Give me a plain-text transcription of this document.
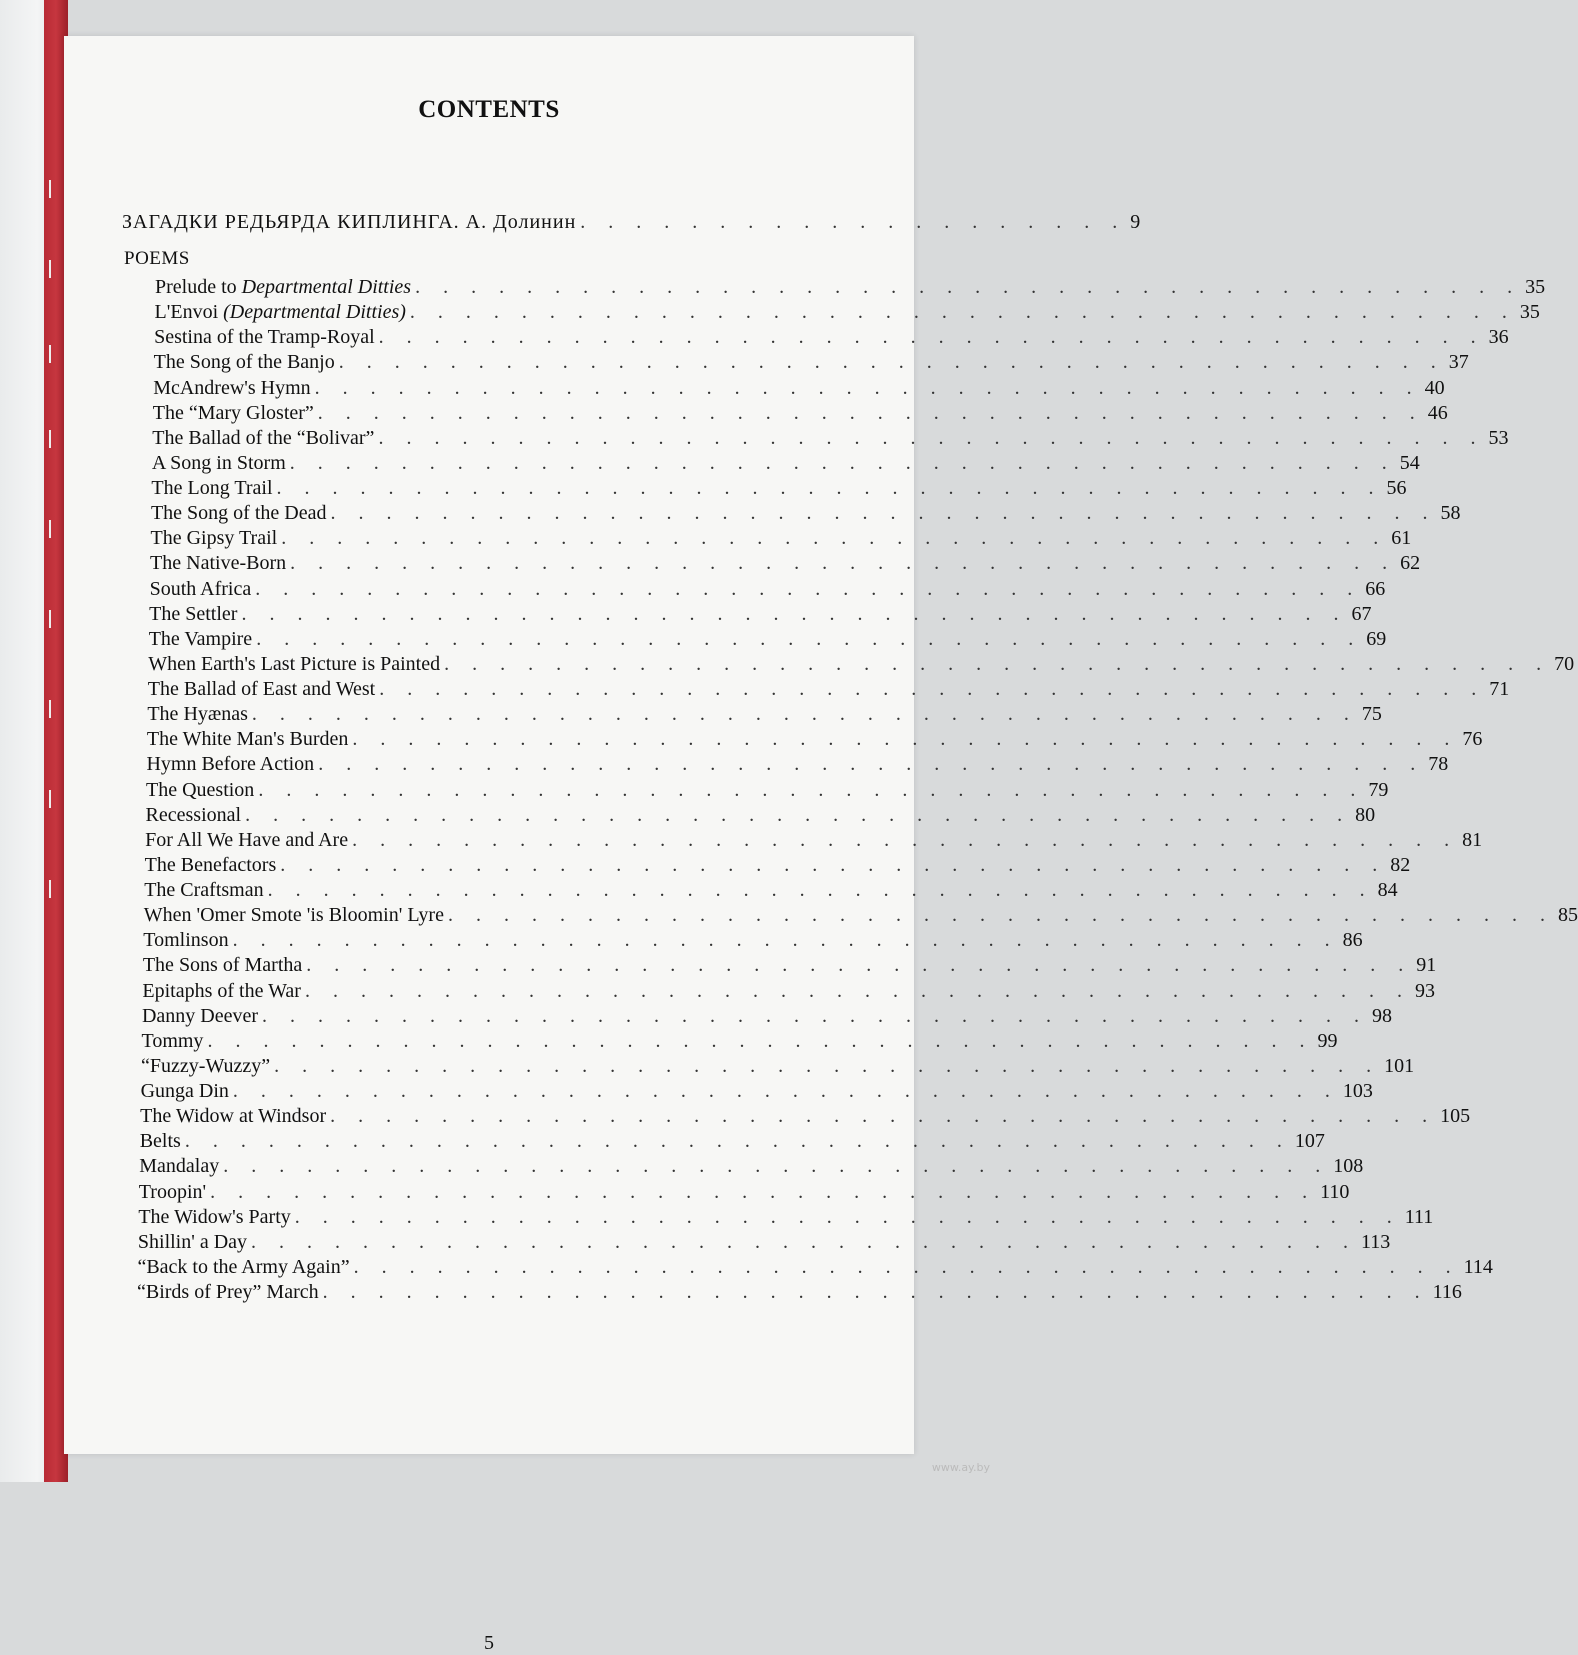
CONTENTS
ЗАГАДКИ РЕДЬЯРДА КИПЛИНГА. А. Долинин . . . . . . . . . . . . . . . . . . . . 9
POEMS
Prelude to Departmental Ditties . . . . . . . . . . . . . . . . . . . . . . . . . . . . . . . . . . . . . . . . 35
L'Envoi (Departmental Ditties) . . . . . . . . . . . . . . . . . . . . . . . . . . . . . . . . . . . . . . . . 35
Sestina of the Tramp-Royal . . . . . . . . . . . . . . . . . . . . . . . . . . . . . . . . . . . . . . . . 36
The Song of the Banjo . . . . . . . . . . . . . . . . . . . . . . . . . . . . . . . . . . . . . . . . 37
McAndrew's Hymn . . . . . . . . . . . . . . . . . . . . . . . . . . . . . . . . . . . . . . . . 40
The “Mary Gloster” . . . . . . . . . . . . . . . . . . . . . . . . . . . . . . . . . . . . . . . . 46
The Ballad of the “Bolivar” . . . . . . . . . . . . . . . . . . . . . . . . . . . . . . . . . . . . . . . . 53
A Song in Storm . . . . . . . . . . . . . . . . . . . . . . . . . . . . . . . . . . . . . . . . 54
The Long Trail . . . . . . . . . . . . . . . . . . . . . . . . . . . . . . . . . . . . . . . . 56
The Song of the Dead . . . . . . . . . . . . . . . . . . . . . . . . . . . . . . . . . . . . . . . . 58
The Gipsy Trail . . . . . . . . . . . . . . . . . . . . . . . . . . . . . . . . . . . . . . . . 61
The Native-Born . . . . . . . . . . . . . . . . . . . . . . . . . . . . . . . . . . . . . . . . 62
South Africa . . . . . . . . . . . . . . . . . . . . . . . . . . . . . . . . . . . . . . . . 66
The Settler . . . . . . . . . . . . . . . . . . . . . . . . . . . . . . . . . . . . . . . . 67
The Vampire . . . . . . . . . . . . . . . . . . . . . . . . . . . . . . . . . . . . . . . . 69
When Earth's Last Picture is Painted . . . . . . . . . . . . . . . . . . . . . . . . . . . . . . . . . . . . . . . . 70
The Ballad of East and West . . . . . . . . . . . . . . . . . . . . . . . . . . . . . . . . . . . . . . . . 71
The Hyænas . . . . . . . . . . . . . . . . . . . . . . . . . . . . . . . . . . . . . . . . 75
The White Man's Burden . . . . . . . . . . . . . . . . . . . . . . . . . . . . . . . . . . . . . . . . 76
Hymn Before Action . . . . . . . . . . . . . . . . . . . . . . . . . . . . . . . . . . . . . . . . 78
The Question . . . . . . . . . . . . . . . . . . . . . . . . . . . . . . . . . . . . . . . . 79
Recessional . . . . . . . . . . . . . . . . . . . . . . . . . . . . . . . . . . . . . . . . 80
For All We Have and Are . . . . . . . . . . . . . . . . . . . . . . . . . . . . . . . . . . . . . . . . 81
The Benefactors . . . . . . . . . . . . . . . . . . . . . . . . . . . . . . . . . . . . . . . . 82
The Craftsman . . . . . . . . . . . . . . . . . . . . . . . . . . . . . . . . . . . . . . . . 84
When 'Omer Smote 'is Bloomin' Lyre . . . . . . . . . . . . . . . . . . . . . . . . . . . . . . . . . . . . . . . . 85
Tomlinson . . . . . . . . . . . . . . . . . . . . . . . . . . . . . . . . . . . . . . . . 86
The Sons of Martha . . . . . . . . . . . . . . . . . . . . . . . . . . . . . . . . . . . . . . . . 91
Epitaphs of the War . . . . . . . . . . . . . . . . . . . . . . . . . . . . . . . . . . . . . . . . 93
Danny Deever . . . . . . . . . . . . . . . . . . . . . . . . . . . . . . . . . . . . . . . . 98
Tommy . . . . . . . . . . . . . . . . . . . . . . . . . . . . . . . . . . . . . . . . 99
“Fuzzy-Wuzzy” . . . . . . . . . . . . . . . . . . . . . . . . . . . . . . . . . . . . . . . . 101
Gunga Din . . . . . . . . . . . . . . . . . . . . . . . . . . . . . . . . . . . . . . . . 103
The Widow at Windsor . . . . . . . . . . . . . . . . . . . . . . . . . . . . . . . . . . . . . . . . 105
Belts . . . . . . . . . . . . . . . . . . . . . . . . . . . . . . . . . . . . . . . . 107
Mandalay . . . . . . . . . . . . . . . . . . . . . . . . . . . . . . . . . . . . . . . . 108
Troopin' . . . . . . . . . . . . . . . . . . . . . . . . . . . . . . . . . . . . . . . . 110
The Widow's Party . . . . . . . . . . . . . . . . . . . . . . . . . . . . . . . . . . . . . . . . 111
Shillin' a Day . . . . . . . . . . . . . . . . . . . . . . . . . . . . . . . . . . . . . . . . 113
“Back to the Army Again” . . . . . . . . . . . . . . . . . . . . . . . . . . . . . . . . . . . . . . . . 114
“Birds of Prey” March . . . . . . . . . . . . . . . . . . . . . . . . . . . . . . . . . . . . . . . . 116
5
www.ay.by
